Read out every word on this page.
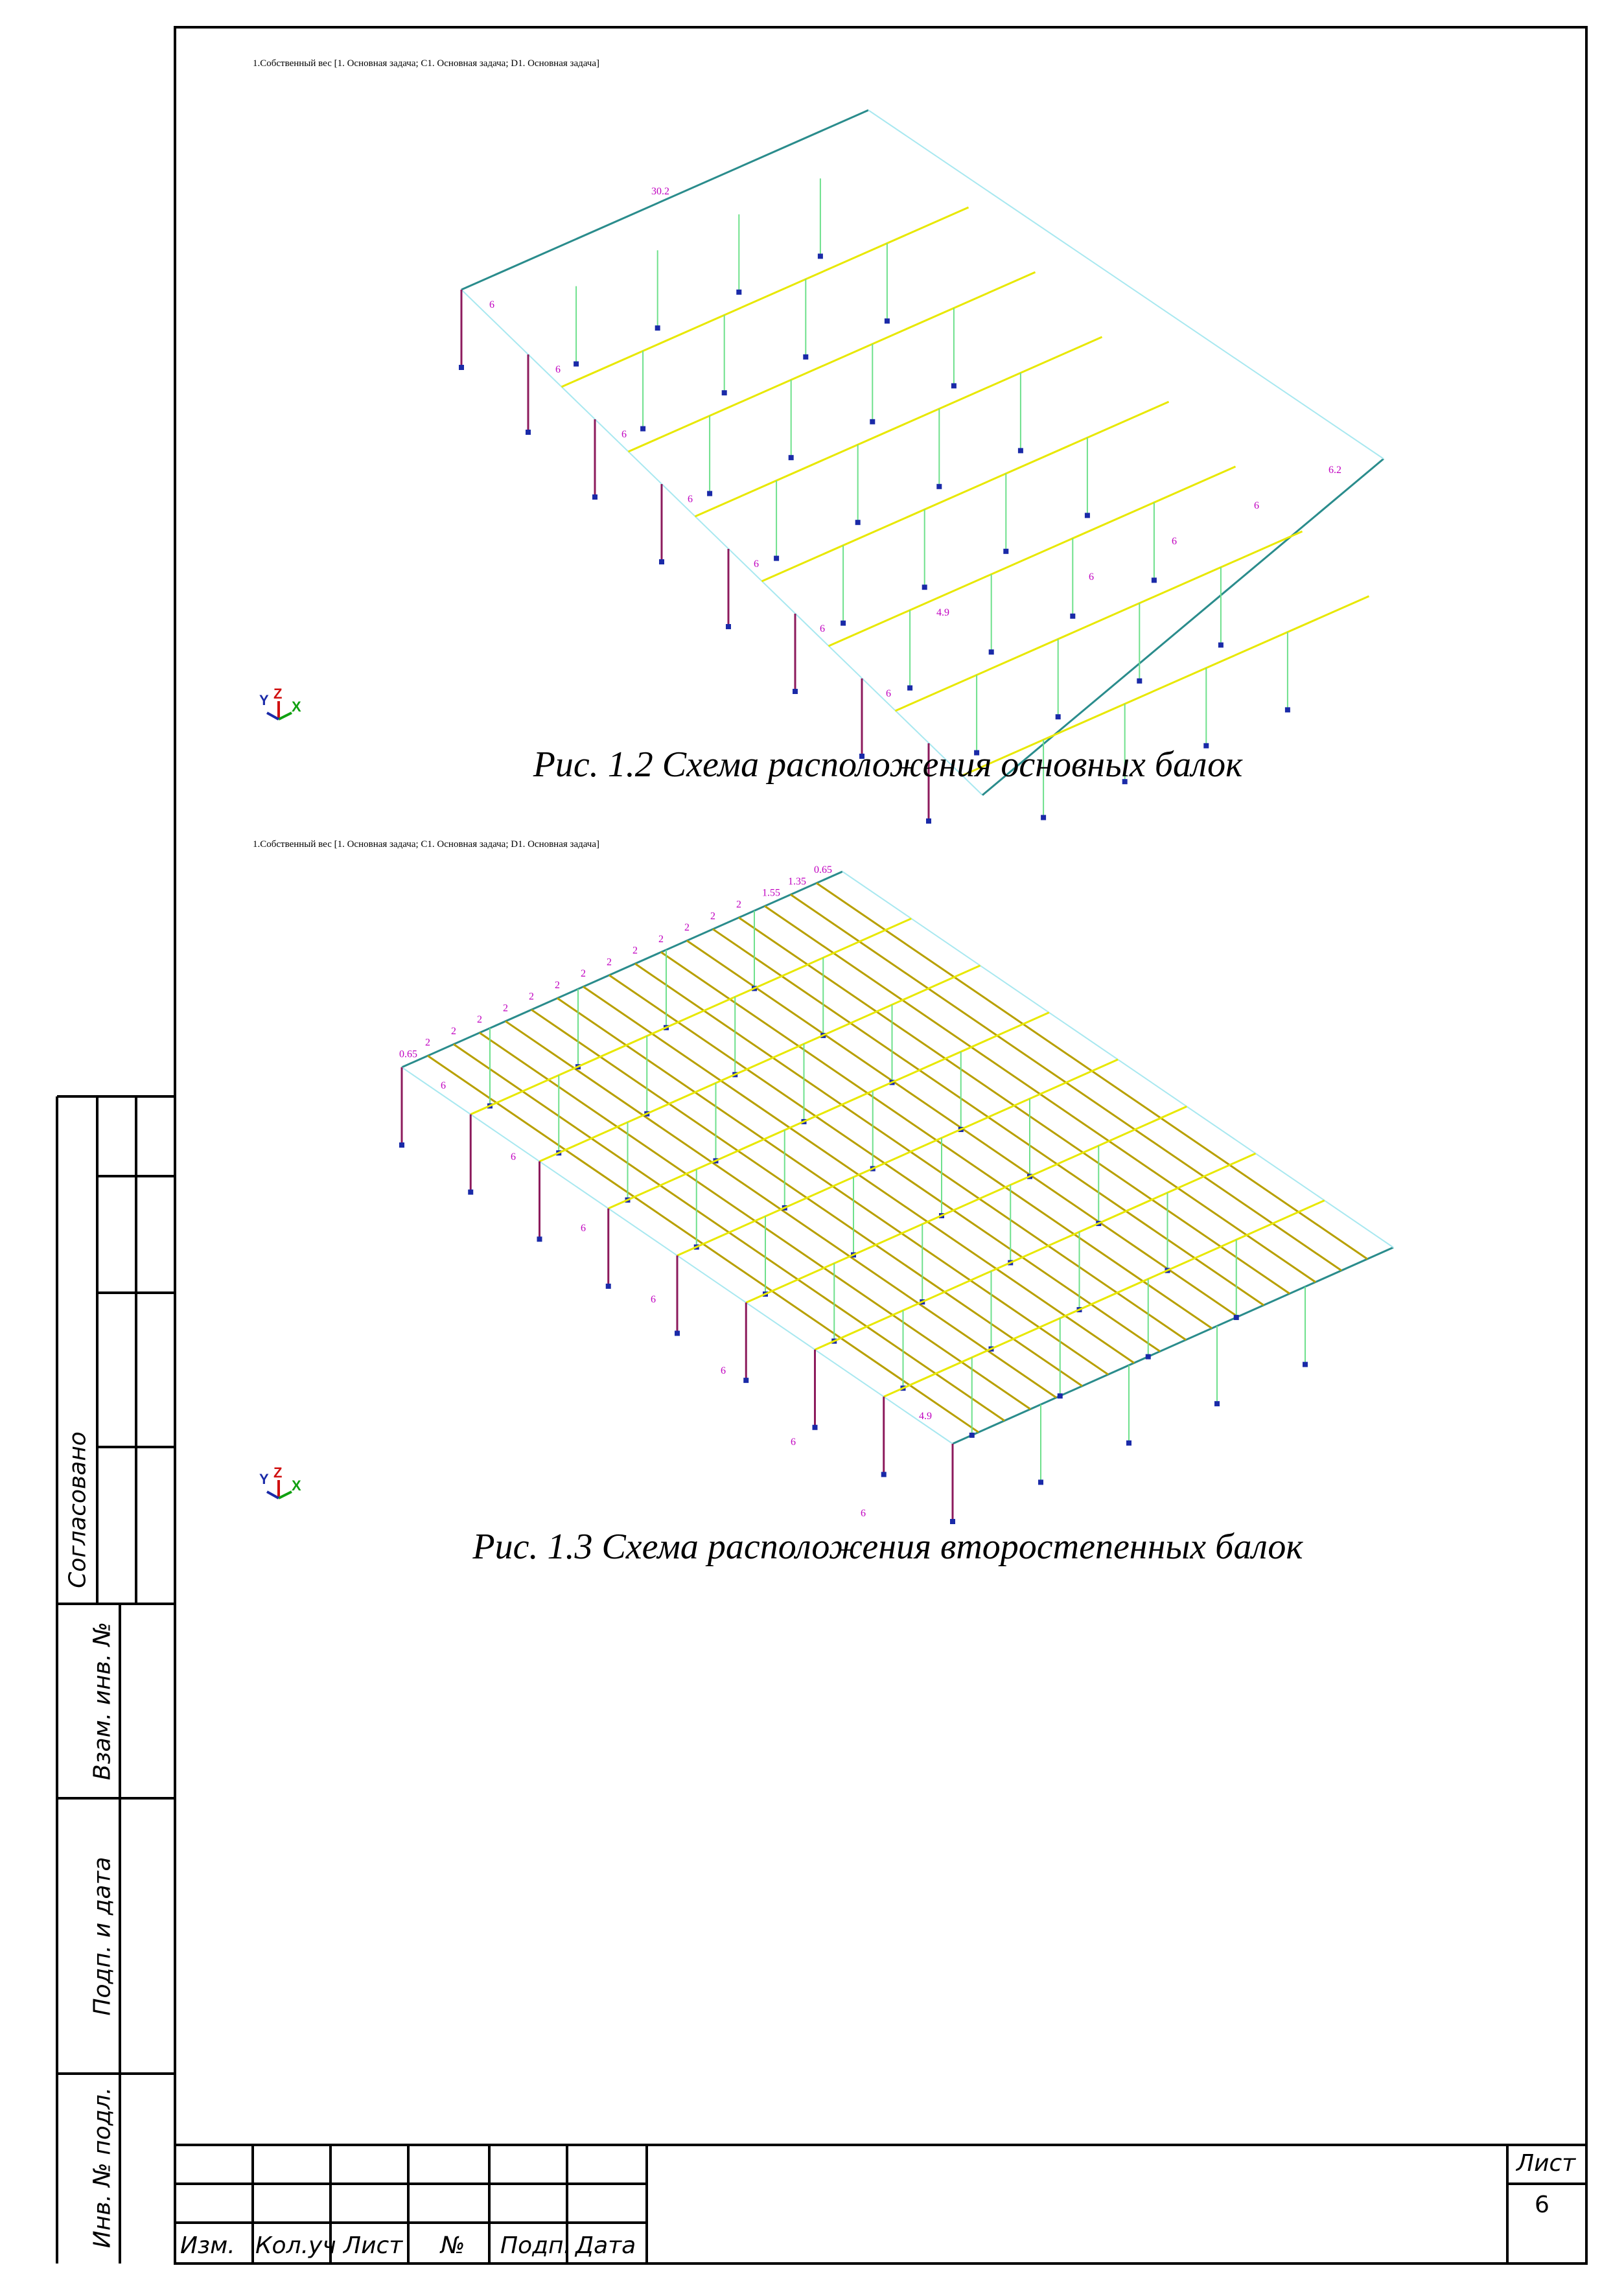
1.Собственный вес [1. Основная задача; C1. Основная задача; D1. Основная задача]
30.2
6
6
6
6
6
6
6
6.2
6
6
6
4.9
Y Z
X
Рис. 1.2 Схема расположения основных балок
1.Собственный вес [1. Основная задача; C1. Основная задача; D1. Основная задача]
0.65
2
2
2
2
2
2
2
2
2
2
2
2
2
1.55
1.35
0.65
6
6
6
6
6
6
6
4.9
Y Z
X
Рис. 1.3 Схема расположения второстепенных балок
Согласовано
Взам. инв. №
Подп. и дата
Инв. № подл.	Изм. Кол.уч Лист № Подп. Дата
Лист
6
